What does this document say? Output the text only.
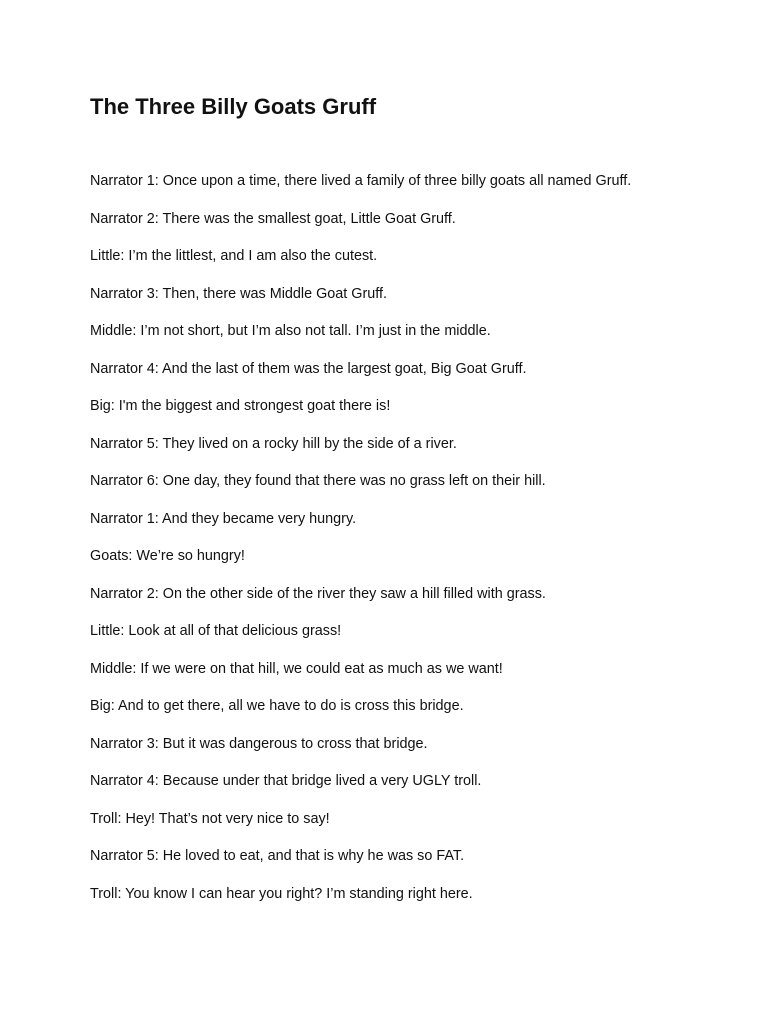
The Three Billy Goats Gruff
Narrator 1: Once upon a time, there lived a family of three billy goats all named Gruff.
Narrator 2: There was the smallest goat, Little Goat Gruff.
Little: I’m the littlest, and I am also the cutest.
Narrator 3: Then, there was Middle Goat Gruff.
Middle: I’m not short, but I’m also not tall. I’m just in the middle.
Narrator 4: And the last of them was the largest goat, Big Goat Gruff.
Big: I'm the biggest and strongest goat there is!
Narrator 5: They lived on a rocky hill by the side of a river.
Narrator 6: One day, they found that there was no grass left on their hill.
Narrator 1: And they became very hungry.
Goats: We’re so hungry!
Narrator 2: On the other side of the river they saw a hill filled with grass.
Little: Look at all of that delicious grass!
Middle: If we were on that hill, we could eat as much as we want!
Big: And to get there, all we have to do is cross this bridge.
Narrator 3: But it was dangerous to cross that bridge.
Narrator 4: Because under that bridge lived a very UGLY troll.
Troll: Hey! That’s not very nice to say!
Narrator 5: He loved to eat, and that is why he was so FAT.
Troll: You know I can hear you right? I’m standing right here.
